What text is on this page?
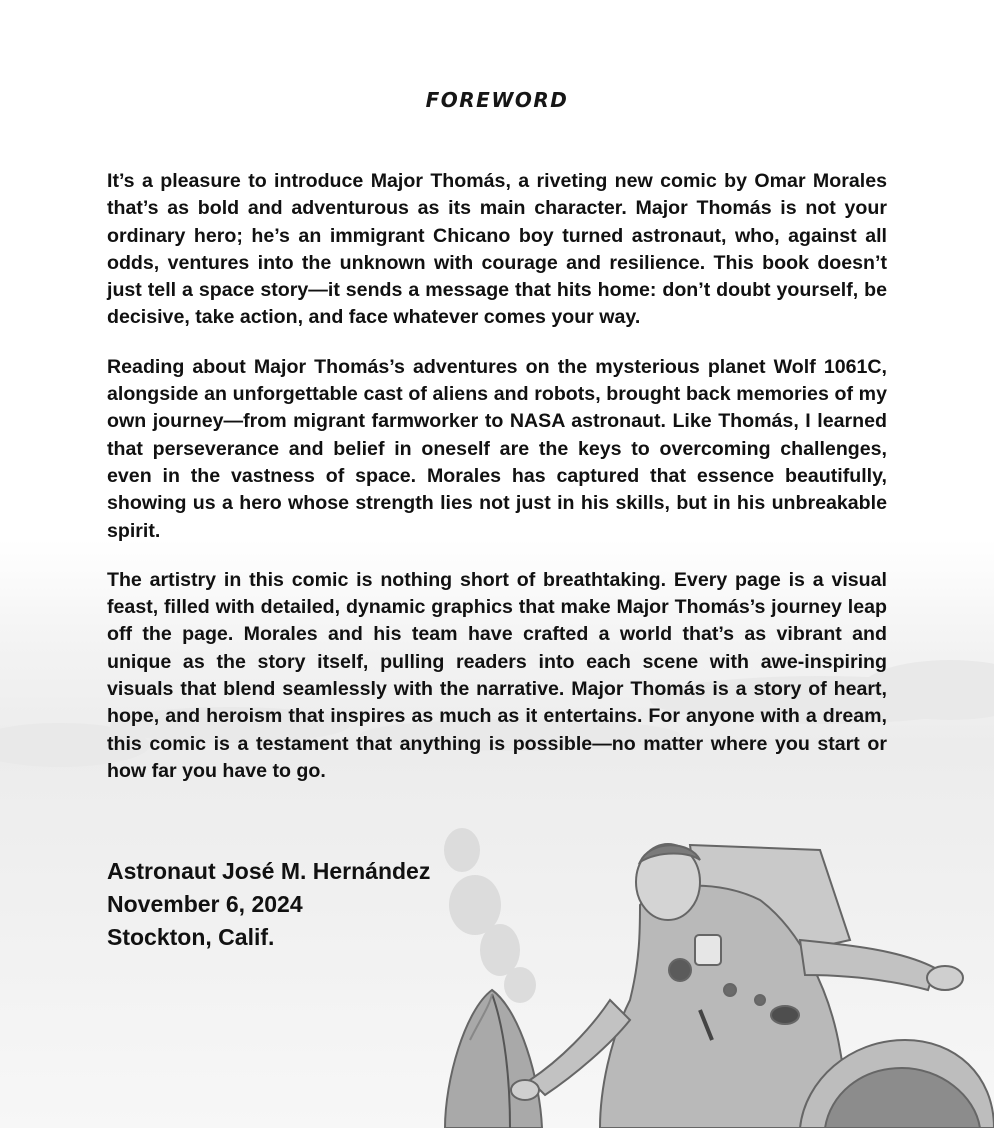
FOREWORD

It’s a pleasure to introduce Major Thomás, a riveting new comic by Omar Morales that’s as bold and adventurous as its main character. Major Thomás is not your ordinary hero; he’s an immigrant Chicano boy turned astronaut, who, against all odds, ventures into the unknown with courage and resilience. This book doesn’t just tell a space story—it sends a message that hits home: don’t doubt yourself, be decisive, take action, and face whatever comes your way.

Reading about Major Thomás’s adventures on the mysterious planet Wolf 1061C, alongside an unforgettable cast of aliens and robots, brought back memories of my own journey—from migrant farmworker to NASA astronaut. Like Thomás, I learned that perseverance and belief in oneself are the keys to overcoming challenges, even in the vastness of space. Morales has captured that essence beautifully, showing us a hero whose strength lies not just in his skills, but in his unbreakable spirit.

The artistry in this comic is nothing short of breathtaking. Every page is a visual feast, filled with detailed, dynamic graphics that make Major Thomás’s journey leap off the page. Morales and his team have crafted a world that’s as vibrant and unique as the story itself, pulling readers into each scene with awe-inspiring visuals that blend seamlessly with the narrative. Major Thomás is a story of heart, hope, and heroism that inspires as much as it entertains. For anyone with a dream, this comic is a testament that anything is possible—no matter where you start or how far you have to go.

Astronaut José M. Hernández
November 6, 2024
Stockton, Calif.
